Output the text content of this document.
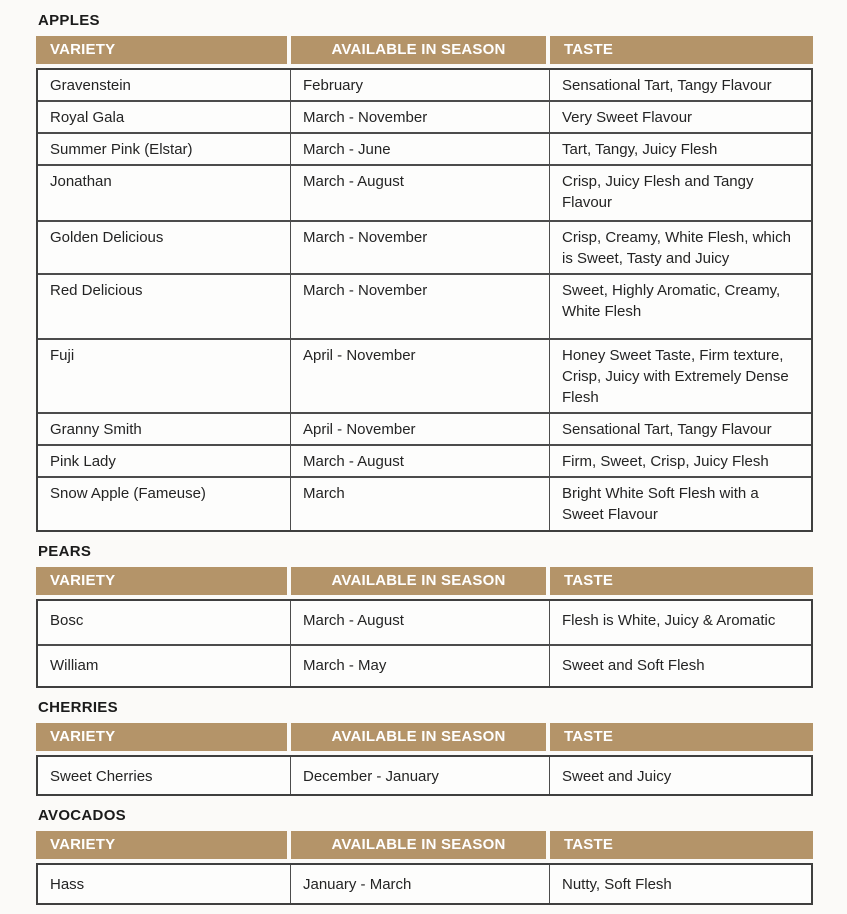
APPLES
VARIETY	AVAILABLE IN SEASON	TASTE
Gravenstein	February	Sensational Tart, Tangy Flavour
Royal Gala	March - November	Very Sweet Flavour
Summer Pink (Elstar)	March - June	Tart, Tangy, Juicy Flesh
Jonathan	March - August	Crisp, Juicy Flesh and Tangy Flavour
Golden Delicious	March - November	Crisp, Creamy, White Flesh, which is Sweet, Tasty and Juicy
Red Delicious	March - November	Sweet, Highly Aromatic, Creamy, White Flesh
Fuji	April - November	Honey Sweet Taste, Firm texture, Crisp, Juicy with Extremely Dense Flesh
Granny Smith	April - November	Sensational Tart, Tangy Flavour
Pink Lady	March - August	Firm, Sweet, Crisp, Juicy Flesh
Snow Apple (Fameuse)	March	Bright White Soft Flesh with a Sweet Flavour
PEARS
VARIETY	AVAILABLE IN SEASON	TASTE
Bosc	March - August	Flesh is White, Juicy & Aromatic
William	March - May	Sweet and Soft Flesh
CHERRIES
VARIETY	AVAILABLE IN SEASON	TASTE
Sweet Cherries	December - January	Sweet and Juicy
AVOCADOS
VARIETY	AVAILABLE IN SEASON	TASTE
Hass	January - March	Nutty, Soft Flesh
